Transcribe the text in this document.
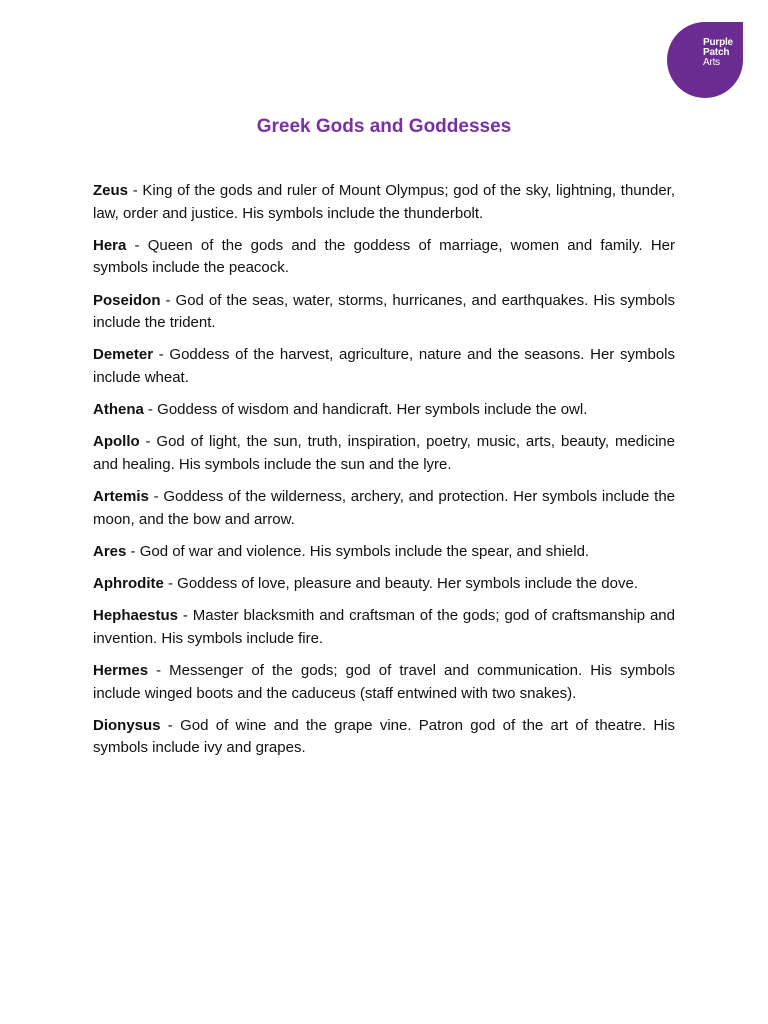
Purple
Patch
Arts
Greek Gods and Goddesses

Zeus - King of the gods and ruler of Mount Olympus; god of the sky, lightning, thunder, law, order and justice. His symbols include the thunderbolt.

Hera - Queen of the gods and the goddess of marriage, women and family. Her symbols include the peacock.

Poseidon - God of the seas, water, storms, hurricanes, and earthquakes. His symbols include the trident.

Demeter - Goddess of the harvest, agriculture, nature and the seasons. Her symbols include wheat.

Athena - Goddess of wisdom and handicraft. Her symbols include the owl.

Apollo - God of light, the sun, truth, inspiration, poetry, music, arts, beauty, medicine and healing. His symbols include the sun and the lyre.

Artemis - Goddess of the wilderness, archery, and protection. Her symbols include the moon, and the bow and arrow.

Ares - God of war and violence. His symbols include the spear, and shield.

Aphrodite - Goddess of love, pleasure and beauty. Her symbols include the dove.

Hephaestus - Master blacksmith and craftsman of the gods; god of craftsmanship and invention. His symbols include fire.

Hermes - Messenger of the gods; god of travel and communication. His symbols include winged boots and the caduceus (staff entwined with two snakes).

Dionysus - God of wine and the grape vine. Patron god of the art of theatre. His symbols include ivy and grapes.
